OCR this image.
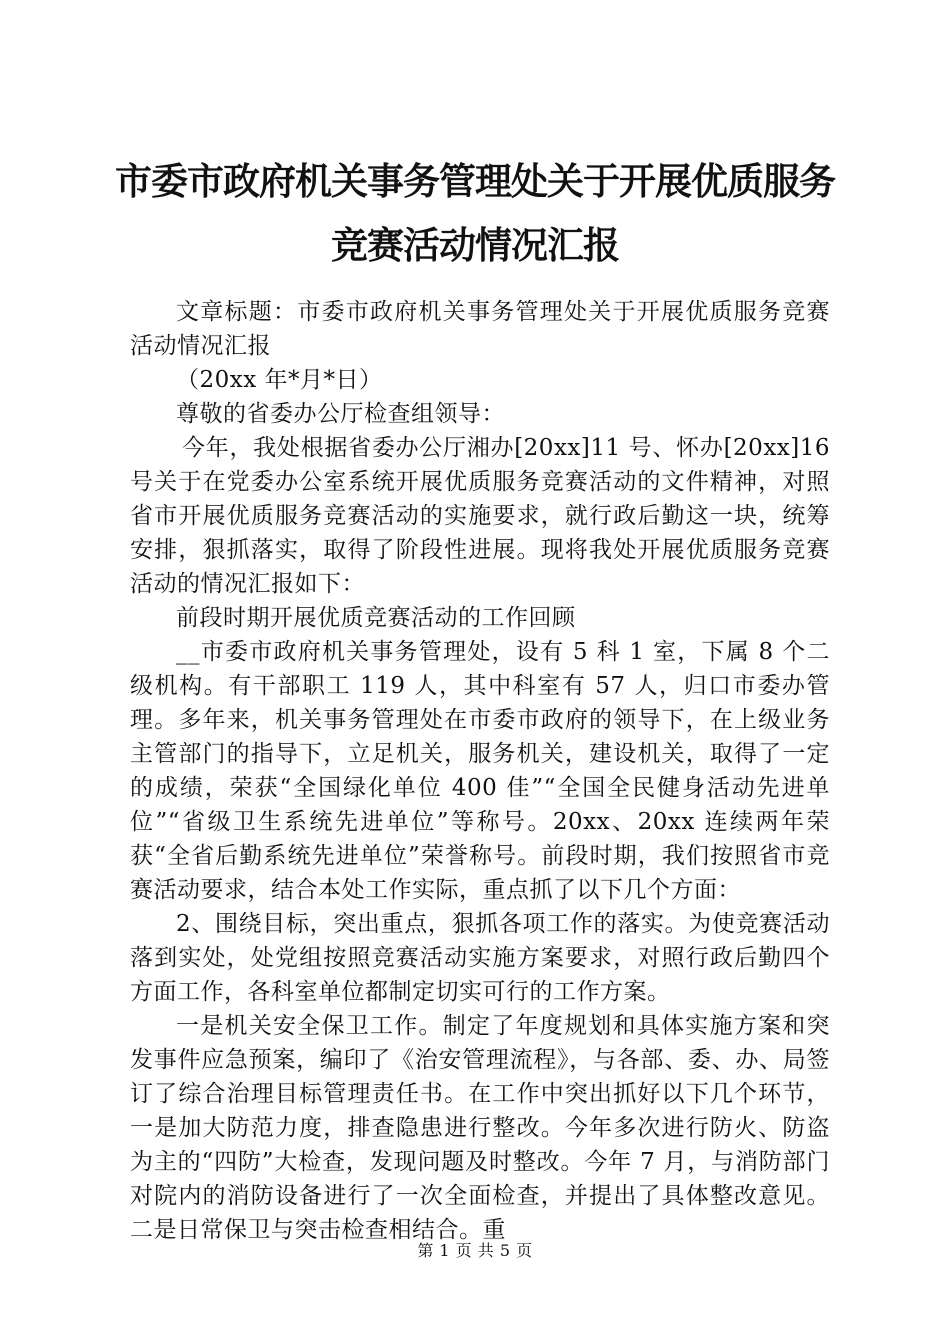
市委市政府机关事务管理处关于开展优质服务
竞赛活动情况汇报

文章标题：市委市政府机关事务管理处关于开展优质服务竞赛活动情况汇报

（20xx 年*月*日）

尊敬的省委办公厅检查组领导：

今年，我处根据省委办公厅湘办[20xx]11 号、怀办[20xx]16 号关于在党委办公室系统开展优质服务竞赛活动的文件精神，对照省市开展优质服务竞赛活动的实施要求，就行政后勤这一块，统筹安排，狠抓落实，取得了阶段性进展。现将我处开展优质服务竞赛活动的情况汇报如下：

前段时期开展优质竞赛活动的工作回顾

__市委市政府机关事务管理处，设有 5 科 1 室，下属 8 个二级机构。有干部职工 119 人，其中科室有 57 人，归口市委办管理。多年来，机关事务管理处在市委市政府的领导下，在上级业务主管部门的指导下，立足机关，服务机关，建设机关，取得了一定的成绩，荣获“全国绿化单位 400 佳”“全国全民健身活动先进单位”“省级卫生系统先进单位”等称号。20xx、20xx 连续两年荣获“全省后勤系统先进单位”荣誉称号。前段时期，我们按照省市竞赛活动要求，结合本处工作实际，重点抓了以下几个方面：

2、围绕目标，突出重点，狠抓各项工作的落实。为使竞赛活动落到实处，处党组按照竞赛活动实施方案要求，对照行政后勤四个方面工作，各科室单位都制定切实可行的工作方案。

一是机关安全保卫工作。制定了年度规划和具体实施方案和突发事件应急预案，编印了《治安管理流程》，与各部、委、办、局签订了综合治理目标管理责任书。在工作中突出抓好以下几个环节，一是加大防范力度，排查隐患进行整改。今年多次进行防火、防盗为主的“四防”大检查，发现问题及时整改。今年 7 月，与消防部门对院内的消防设备进行了一次全面检查，并提出了具体整改意见。二是日常保卫与突击检查相结合。重

第 1 页 共 5 页
